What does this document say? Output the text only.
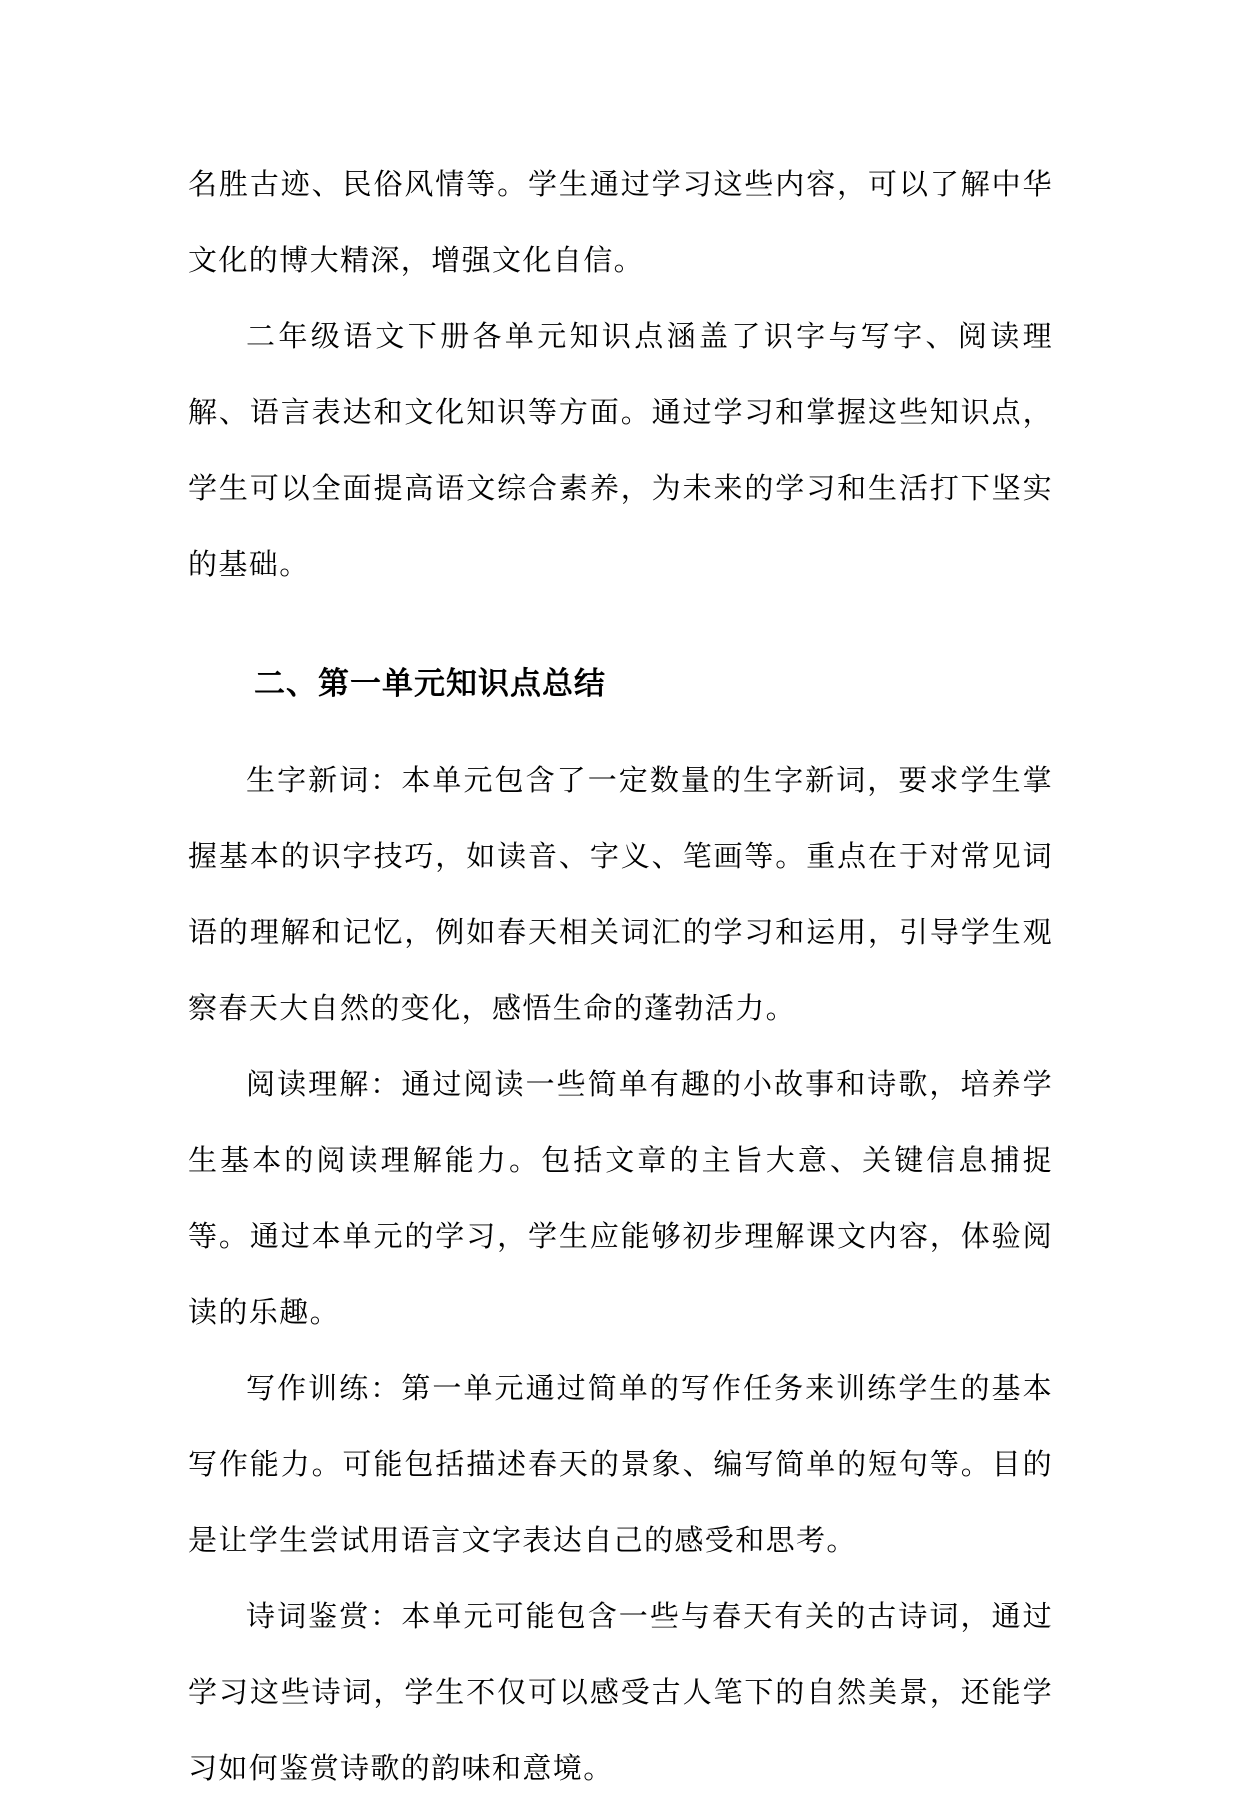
名胜古迹、民俗风情等。学生通过学习这些内容，可以了解中华文化的博大精深，增强文化自信。

二年级语文下册各单元知识点涵盖了识字与写字、阅读理解、语言表达和文化知识等方面。通过学习和掌握这些知识点，学生可以全面提高语文综合素养，为未来的学习和生活打下坚实的基础。

二、第一单元知识点总结

生字新词：本单元包含了一定数量的生字新词，要求学生掌握基本的识字技巧，如读音、字义、笔画等。重点在于对常见词语的理解和记忆，例如春天相关词汇的学习和运用，引导学生观察春天大自然的变化，感悟生命的蓬勃活力。

阅读理解：通过阅读一些简单有趣的小故事和诗歌，培养学生基本的阅读理解能力。包括文章的主旨大意、关键信息捕捉等。通过本单元的学习，学生应能够初步理解课文内容，体验阅读的乐趣。

写作训练：第一单元通过简单的写作任务来训练学生的基本写作能力。可能包括描述春天的景象、编写简单的短句等。目的是让学生尝试用语言文字表达自己的感受和思考。

诗词鉴赏：本单元可能包含一些与春天有关的古诗词，通过学习这些诗词，学生不仅可以感受古人笔下的自然美景，还能学习如何鉴赏诗歌的韵味和意境。
